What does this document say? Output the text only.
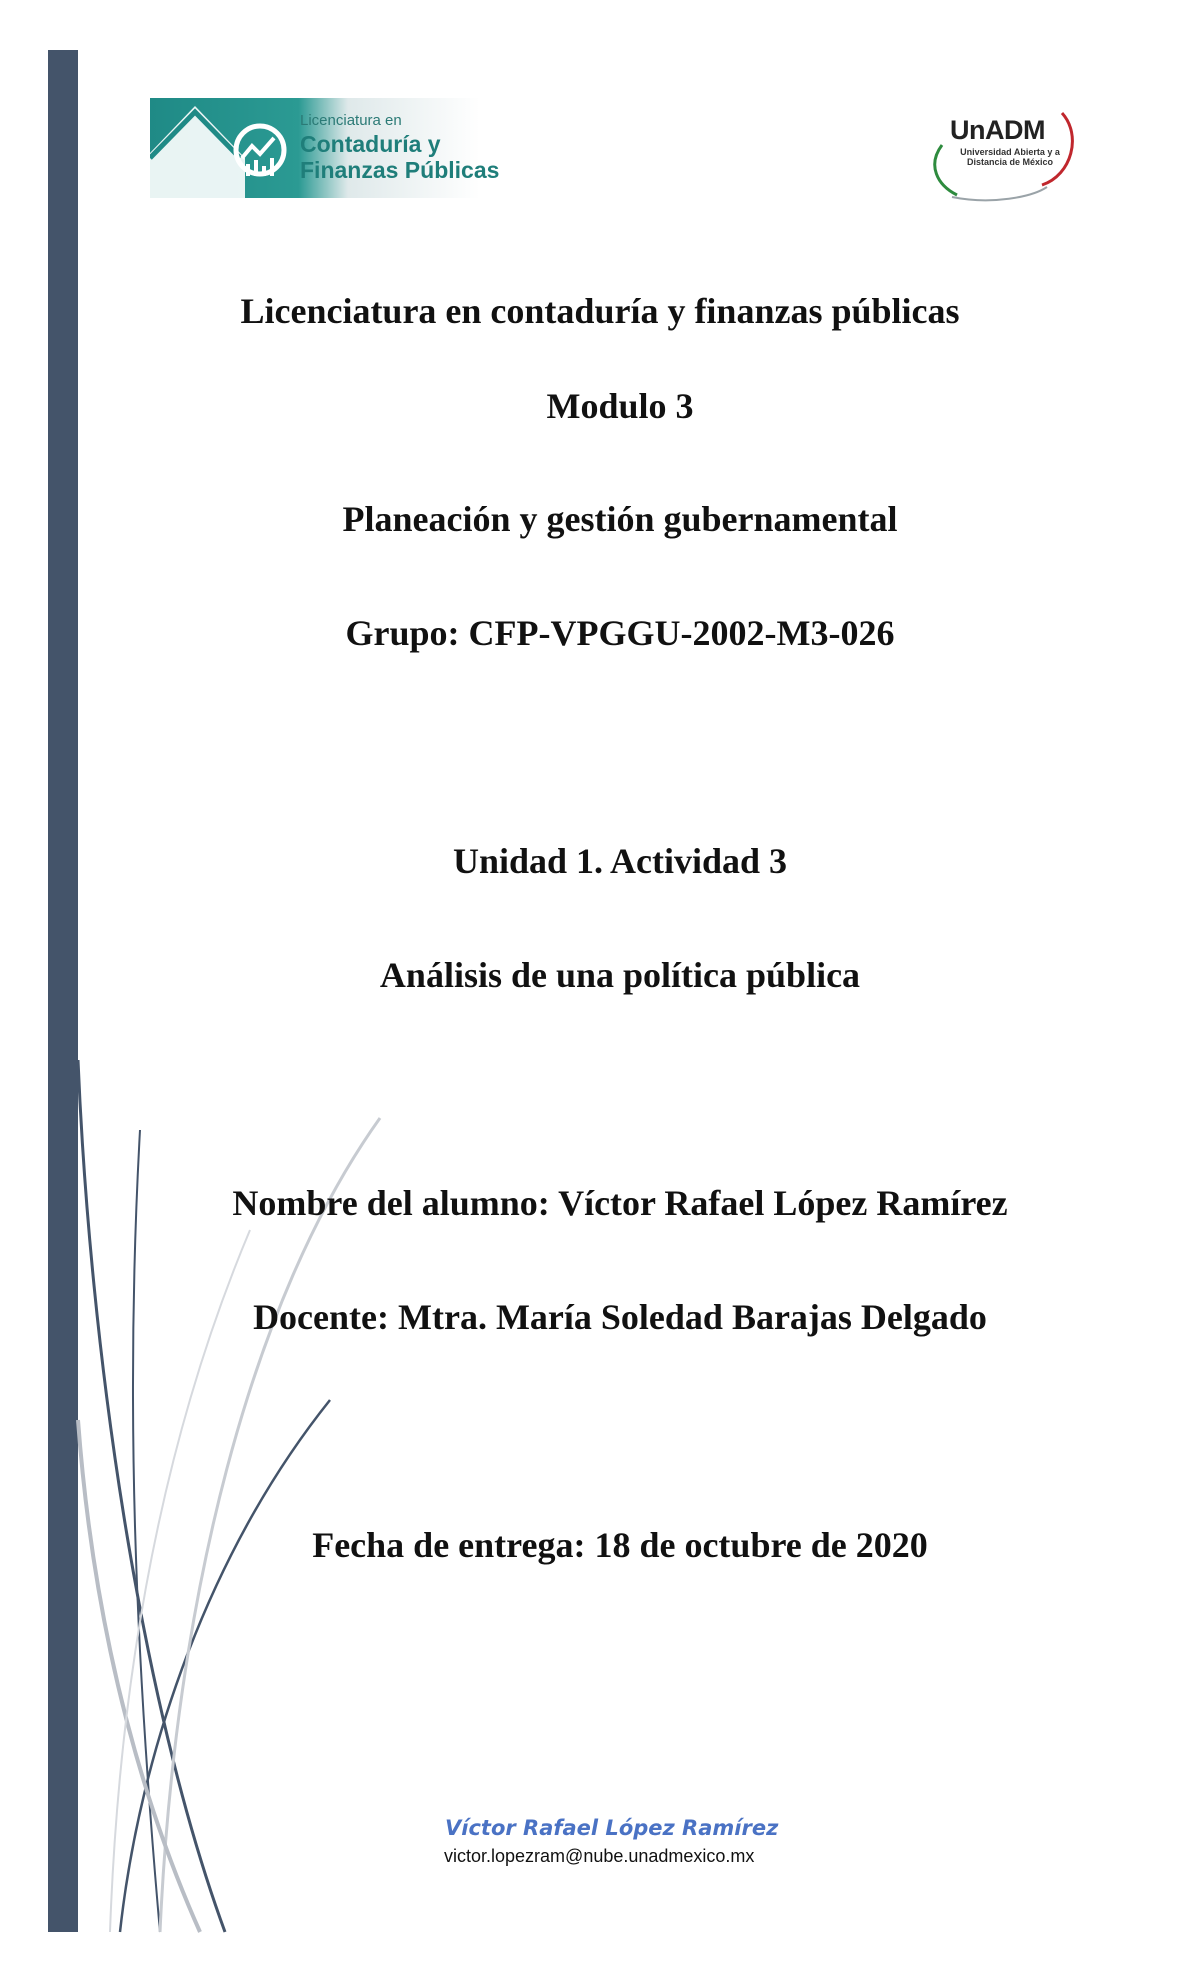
Licenciatura en
Contaduría y
Finanzas Públicas
UnADM
Universidad Abierta y a
Distancia de México
Licenciatura en contaduría y finanzas públicas
Modulo 3
Planeación y gestión gubernamental
Grupo: CFP-VPGGU-2002-M3-026
Unidad 1. Actividad 3
Análisis de una política pública
Nombre del alumno: Víctor Rafael López Ramírez
Docente: Mtra. María Soledad Barajas Delgado
Fecha de entrega: 18 de octubre de 2020
Víctor Rafael López Ramírez
victor.lopezram@nube.unadmexico.mx
